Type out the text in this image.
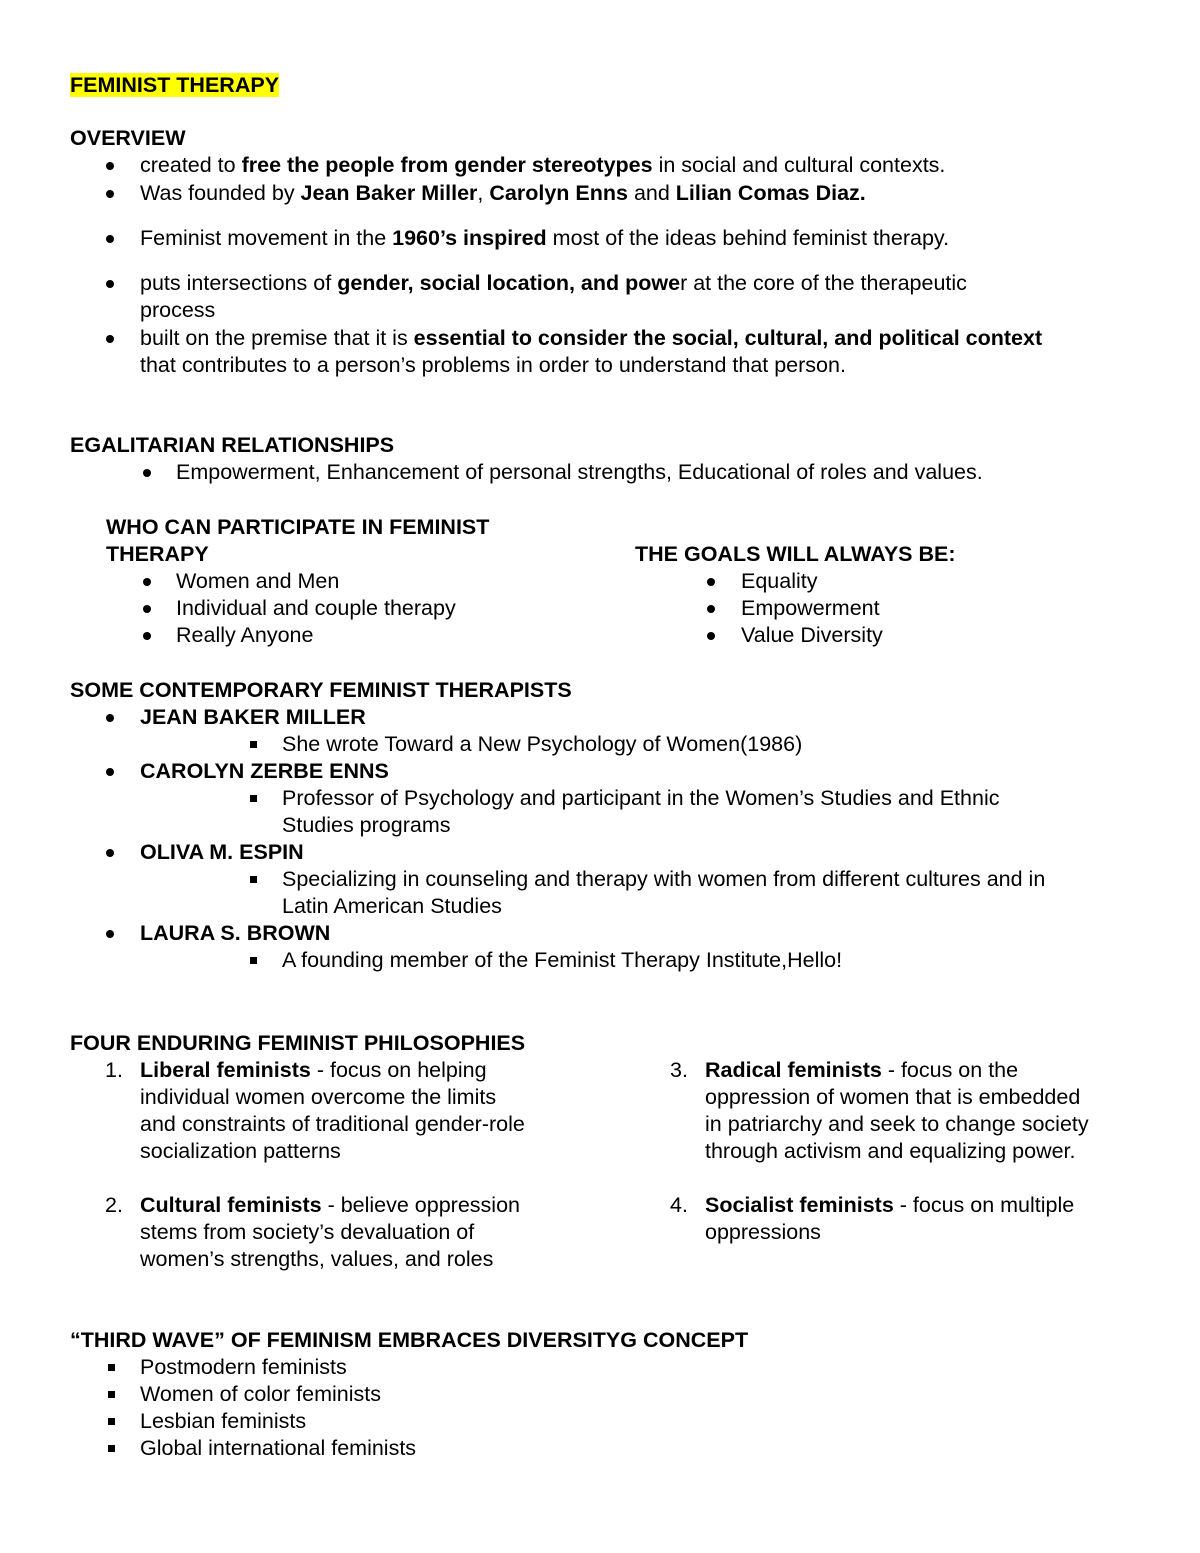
FEMINIST THERAPY
OVERVIEW
created to free the people from gender stereotypes in social and cultural contexts.
Was founded by Jean Baker Miller, Carolyn Enns and Lilian Comas Diaz.
Feminist movement in the 1960’s inspired most of the ideas behind feminist therapy.
puts intersections of gender, social location, and power at the core of the therapeutic
process
built on the premise that it is essential to consider the social, cultural, and political context
that contributes to a person’s problems in order to understand that person.
EGALITARIAN RELATIONSHIPS
Empowerment, Enhancement of personal strengths, Educational of roles and values.
WHO CAN PARTICIPATE IN FEMINIST
THERAPY
Women and Men
Individual and couple therapy
Really Anyone
THE GOALS WILL ALWAYS BE:
Equality
Empowerment
Value Diversity
SOME CONTEMPORARY FEMINIST THERAPISTS
JEAN BAKER MILLER
She wrote Toward a New Psychology of Women(1986)
CAROLYN ZERBE ENNS
Professor of Psychology and participant in the Women’s Studies and Ethnic
Studies programs
OLIVA M. ESPIN
Specializing in counseling and therapy with women from different cultures and in
Latin American Studies
LAURA S. BROWN
A founding member of the Feminist Therapy Institute,Hello!
FOUR ENDURING FEMINIST PHILOSOPHIES
1. Liberal feminists - focus on helping
individual women overcome the limits
and constraints of traditional gender-role
socialization patterns
2. Cultural feminists - believe oppression
stems from society’s devaluation of
women’s strengths, values, and roles
3. Radical feminists - focus on the
oppression of women that is embedded
in patriarchy and seek to change society
through activism and equalizing power.
4. Socialist feminists - focus on multiple
oppressions
“THIRD WAVE” OF FEMINISM EMBRACES DIVERSITYG CONCEPT
Postmodern feminists
Women of color feminists
Lesbian feminists
Global international feminists
